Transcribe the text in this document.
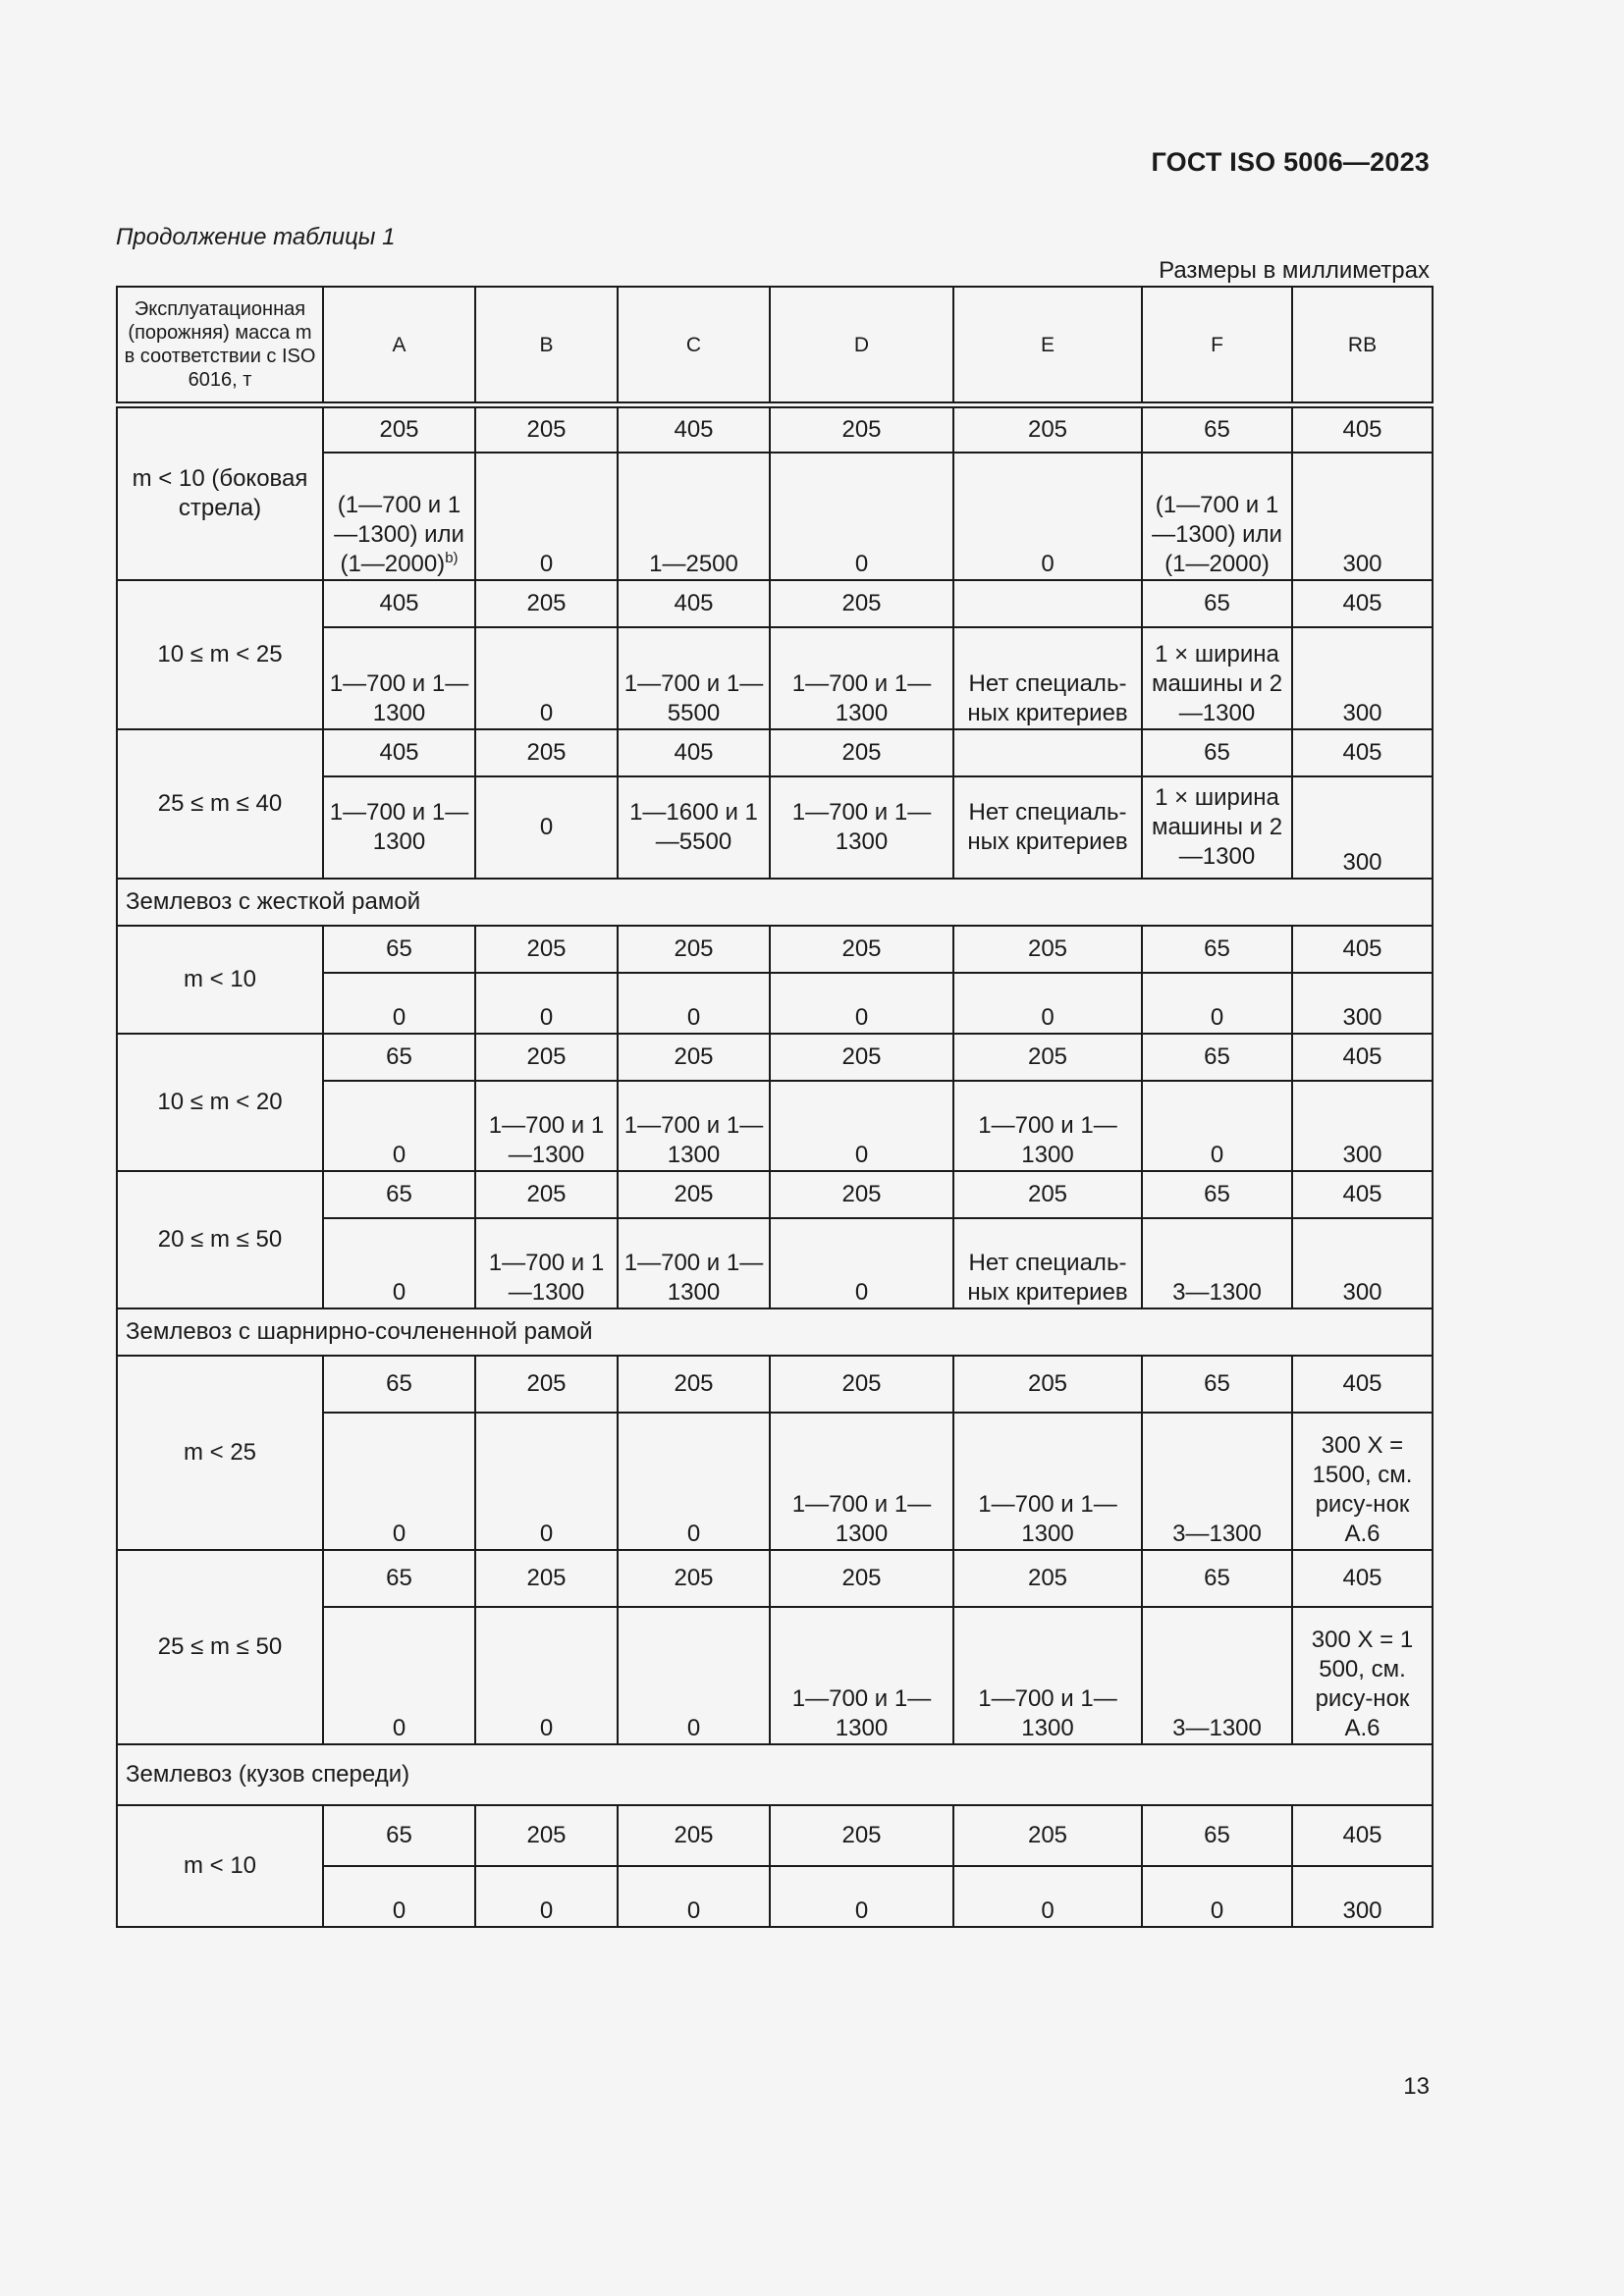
ГОСТ ISO 5006—2023
Продолжение таблицы 1
Размеры в миллиметрах
Эксплуатационная (порожняя) масса m в соответствии с ISO 6016, т	A	B	C	D	E	F	RB
m < 10 (боковая стрела)	205	205	405	205	205	65	405
	(1—700 и 1—1300) или (1—2000)$^{b)}$	0	1—2500	0	0	(1—700 и 1—1300) или (1—2000)	300
10 ≤ m < 25	405	205	405	205		65	405
	1—700 и 1—1300	0	1—700 и 1—5500	1—700 и 1—1300	Нет специаль-ных критериев	1 × ширина машины и 2—1300	300
25 ≤ m ≤ 40	405	205	405	205		65	405
	1—700 и 1—1300	0	1—1600 и 1—5500	1—700 и 1—1300	Нет специаль-ных критериев	1 × ширина машины и 2—1300	300
Землевоз с жесткой рамой							
m < 10	65	205	205	205	205	65	405
	0	0	0	0	0	0	300
10 ≤ m < 20	65	205	205	205	205	65	405
	0	1—700 и 1—1300	1—700 и 1—1300	0	1—700 и 1—1300	0	300
20 ≤ m ≤ 50	65	205	205	205	205	65	405
	0	1—700 и 1—1300	1—700 и 1—1300	0	Нет специаль-ных критериев	3—1300	300
Землевоз с шарнирно-сочлененной рамой							
m < 25	65	205	205	205	205	65	405
	0	0	0	1—700 и 1—1300	1—700 и 1—1300	3—1300	300 X = 1500, см. рису-нок А.6
25 ≤ m ≤ 50	65	205	205	205	205	65	405
	0	0	0	1—700 и 1—1300	1—700 и 1—1300	3—1300	300 X = 1 500, см. рису-нок А.6
Землевоз (кузов спереди)							
m < 10	65	205	205	205	205	65	405
	0	0	0	0	0	0	300
13
